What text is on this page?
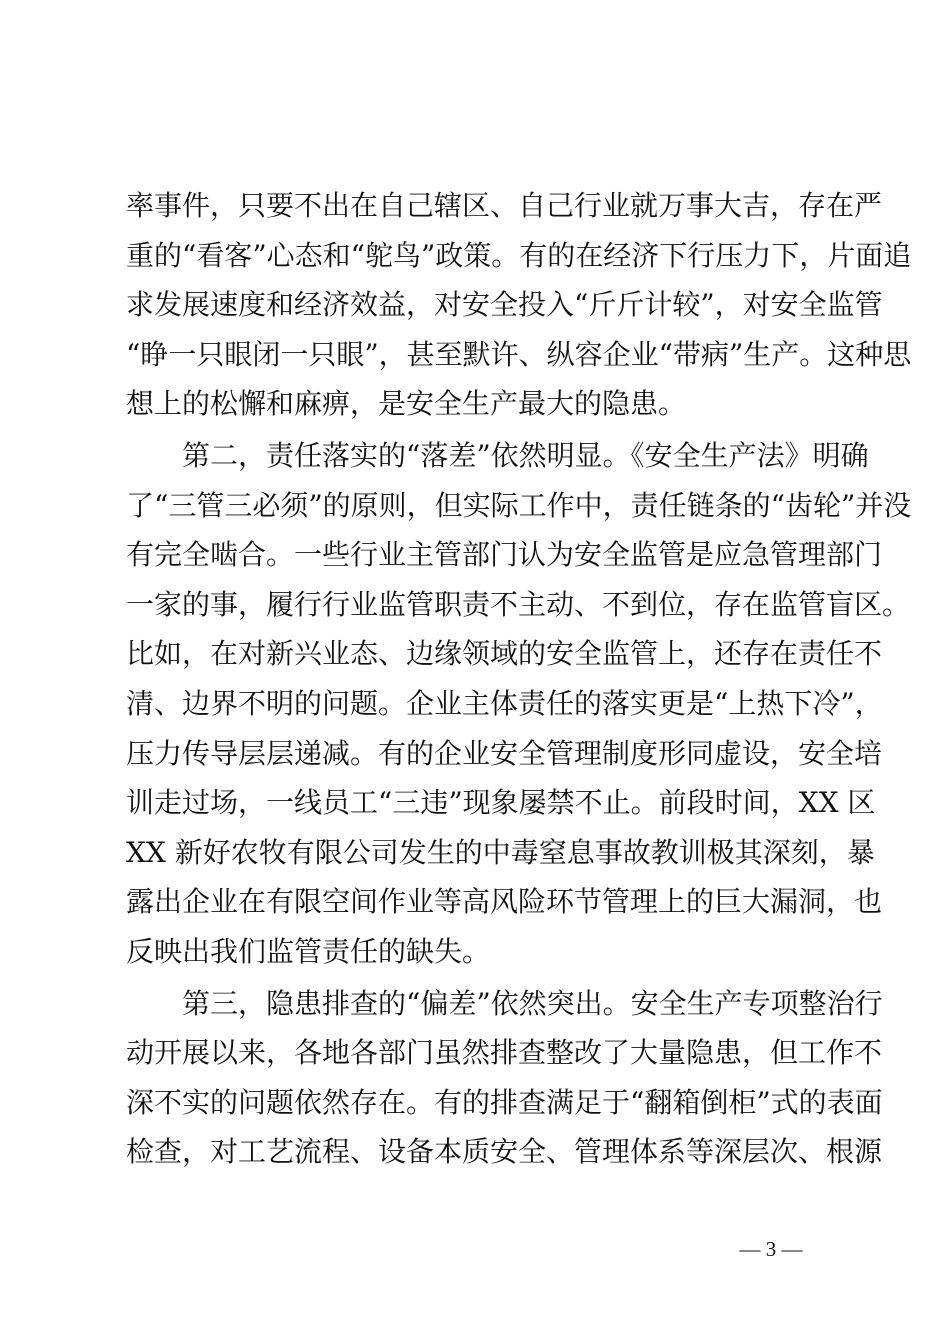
率事件，只要不出在自己辖区、自己行业就万事大吉，存在严
重的“看客”心态和“鸵鸟”政策。有的在经济下行压力下，片面追
求发展速度和经济效益，对安全投入“斤斤计较”，对安全监管
“睁一只眼闭一只眼”，甚至默许、纵容企业“带病”生产。这种思
想上的松懈和麻痹，是安全生产最大的隐患。
　　第二，责任落实的“落差”依然明显。《安全生产法》明确
了“三管三必须”的原则，但实际工作中，责任链条的“齿轮”并没
有完全啮合。一些行业主管部门认为安全监管是应急管理部门
一家的事，履行行业监管职责不主动、不到位，存在监管盲区。
比如，在对新兴业态、边缘领域的安全监管上，还存在责任不
清、边界不明的问题。企业主体责任的落实更是“上热下冷”，
压力传导层层递减。有的企业安全管理制度形同虚设，安全培
训走过场，一线员工“三违”现象屡禁不止。前段时间，XX 区
XX 新好农牧有限公司发生的中毒窒息事故教训极其深刻，暴
露出企业在有限空间作业等高风险环节管理上的巨大漏洞，也
反映出我们监管责任的缺失。
　　第三，隐患排查的“偏差”依然突出。安全生产专项整治行
动开展以来，各地各部门虽然排查整改了大量隐患，但工作不
深不实的问题依然存在。有的排查满足于“翻箱倒柜”式的表面
检查，对工艺流程、设备本质安全、管理体系等深层次、根源
— 3 —
